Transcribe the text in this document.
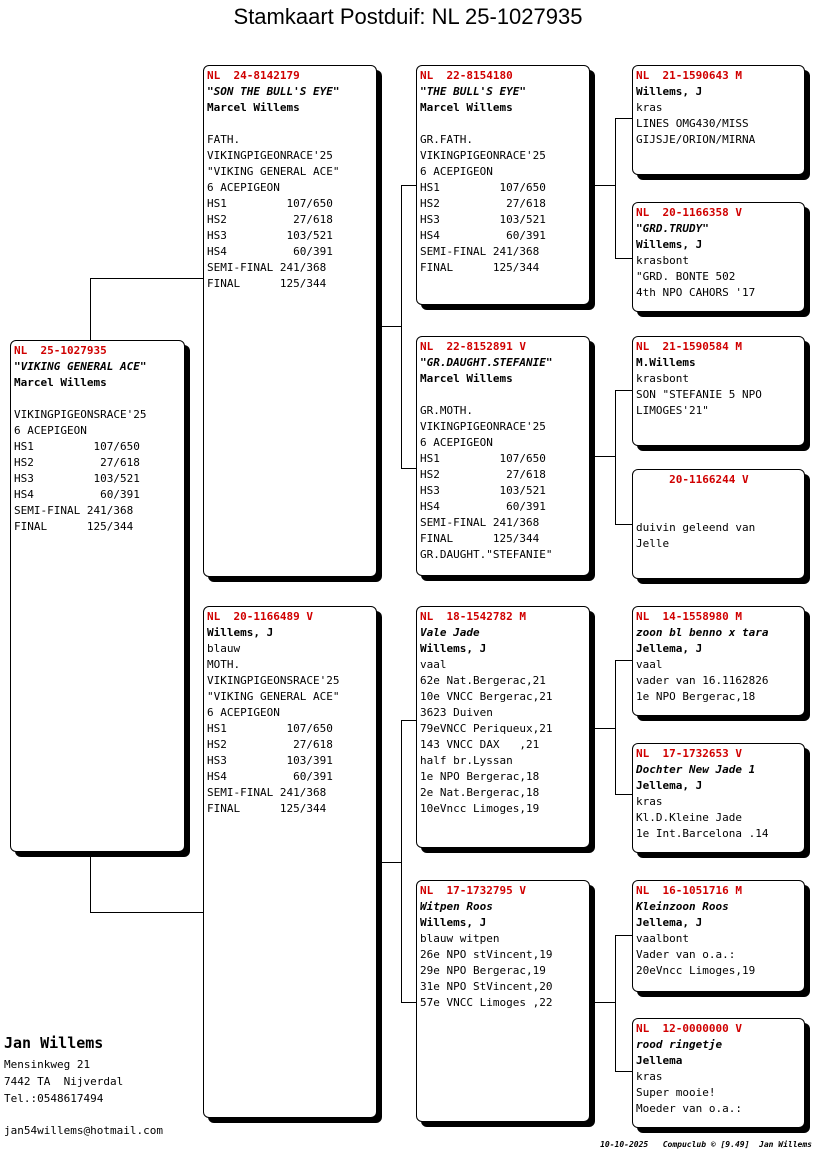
Stamkaart Postduif: NL 25-1027935
NL  25-1027935
"VIKING GENERAL ACE"
Marcel Willems
VIKINGPIGEONSRACE'25
6 ACEPIGEON
HS1         107/650
HS2          27/618
HS3         103/521
HS4          60/391
SEMI-FINAL 241/368
FINAL      125/344
NL  24-8142179
"SON THE BULL'S EYE"
Marcel Willems
FATH.
VIKINGPIGEONRACE'25
"VIKING GENERAL ACE"
6 ACEPIGEON
HS1         107/650
HS2          27/618
HS3         103/521
HS4          60/391
SEMI-FINAL 241/368
FINAL      125/344
NL  20-1166489 V
Willems, J
blauw
MOTH.
VIKINGPIGEONSRACE'25
"VIKING GENERAL ACE"
6 ACEPIGEON
HS1         107/650
HS2          27/618
HS3         103/391
HS4          60/391
SEMI-FINAL 241/368
FINAL      125/344
NL  22-8154180
"THE BULL'S EYE"
Marcel Willems
GR.FATH.
VIKINGPIGEONRACE'25
6 ACEPIGEON
HS1         107/650
HS2          27/618
HS3         103/521
HS4          60/391
SEMI-FINAL 241/368
FINAL      125/344
NL  22-8152891 V
"GR.DAUGHT.STEFANIE"
Marcel Willems
GR.MOTH.
VIKINGPIGEONRACE'25
6 ACEPIGEON
HS1         107/650
HS2          27/618
HS3         103/521
HS4          60/391
SEMI-FINAL 241/368
FINAL      125/344
GR.DAUGHT."STEFANIE"
NL  18-1542782 M
Vale Jade
Willems, J
vaal
62e Nat.Bergerac,21
10e VNCC Bergerac,21
3623 Duiven
79eVNCC Periqueux,21
143 VNCC DAX   ,21
half br.Lyssan
1e NPO Bergerac,18
2e Nat.Bergerac,18
10eVncc Limoges,19
NL  17-1732795 V
Witpen Roos
Willems, J
blauw witpen
26e NPO stVincent,19
29e NPO Bergerac,19
31e NPO StVincent,20
57e VNCC Limoges ,22
NL  21-1590643 M
Willems, J
kras
LINES OMG430/MISS
GIJSJE/ORION/MIRNA
NL  20-1166358 V
"GRD.TRUDY"
Willems, J
krasbont
"GRD. BONTE 502
4th NPO CAHORS '17
NL  21-1590584 M
M.Willems
krasbont
SON "STEFANIE 5 NPO
LIMOGES'21"
20-1166244 V
duivin geleend van
Jelle
NL  14-1558980 M
zoon bl benno x tara
Jellema, J
vaal
vader van 16.1162826
1e NPO Bergerac,18
NL  17-1732653 V
Dochter New Jade 1
Jellema, J
kras
Kl.D.Kleine Jade
1e Int.Barcelona .14
NL  16-1051716 M
Kleinzoon Roos
Jellema, J
vaalbont
Vader van o.a.:
20eVncc Limoges,19
NL  12-0000000 V
rood ringetje
Jellema
kras
Super mooie!
Moeder van o.a.:
Jan Willems
Mensinkweg 21
7442 TA  Nijverdal
Tel.:0548617494
jan54willems@hotmail.com
10-10-2025   Compuclub © [9.49]  Jan Willems
